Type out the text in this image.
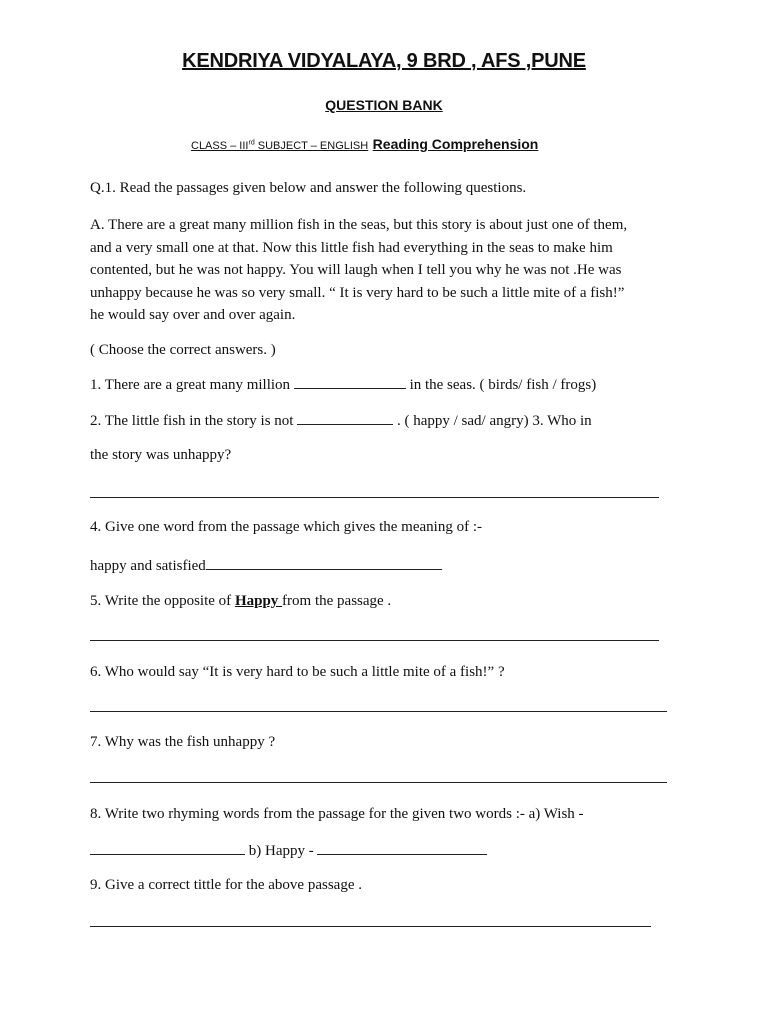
KENDRIYA VIDYALAYA, 9 BRD , AFS ,PUNE
QUESTION BANK
CLASS – IIIrd SUBJECT – ENGLISH Reading Comprehension
Q.1. Read the passages given below and answer the following questions.
A. There are a great many million fish in the seas, but this story is about just one of them,
and a very small one at that. Now this little fish had everything in the seas to make him
contented, but he was not happy. You will laugh when I tell you why he was not .He was
unhappy because he was so very small. “ It is very hard to be such a little mite of a fish!”
he would say over and over again.
( Choose the correct answers. )
1. There are a great many million	in the seas. ( birds/ fish / frogs)
2. The little fish in the story is not	. ( happy / sad/ angry) 3. Who in
the story was unhappy?
4. Give one word from the passage which gives the meaning of :-
happy and satisfied
5. Write the opposite of Happy from the passage .
6. Who would say “It is very hard to be such a little mite of a fish!” ?
7. Why was the fish unhappy ?
8. Write two rhyming words from the passage for the given two words :- a) Wish -
b) Happy -
9. Give a correct tittle for the above passage .
